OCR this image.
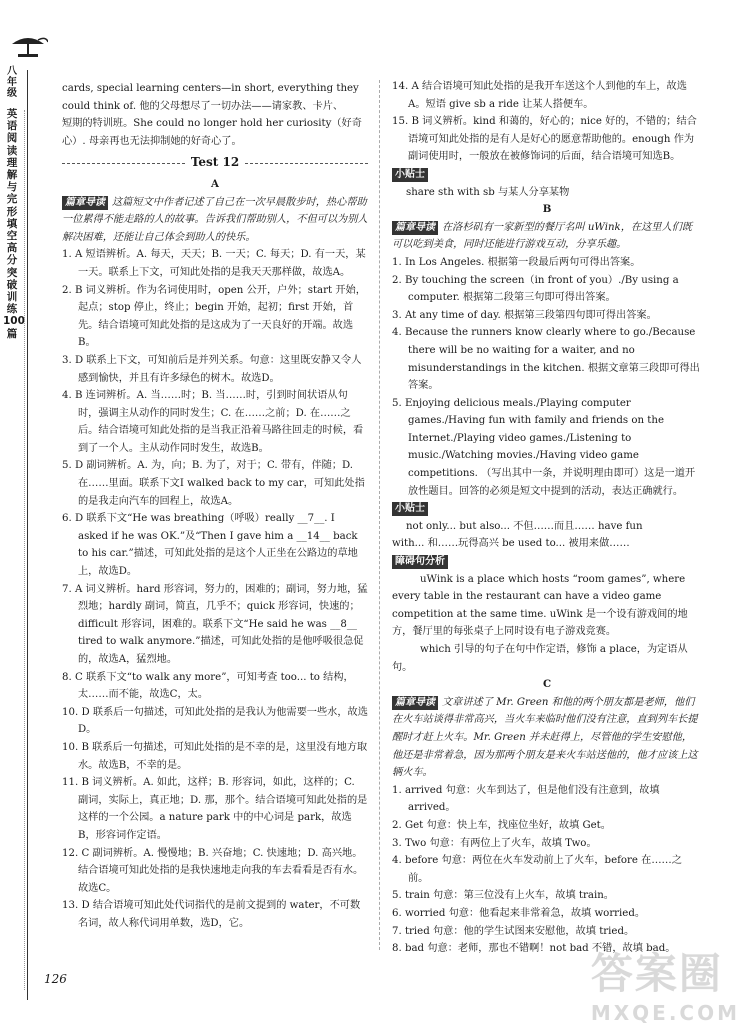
八年级
英语阅读理解与完形填空高分突破训练100篇

cards, special learning centers—in short, everything they

could think of. 他的父母想尽了一切办法——请家教、卡片、

短期的特训班。She could no longer hold her curiosity（好奇

心）. 母亲再也无法抑制她的好奇心了。

Test 12

A

篇章导读 这篇短文中作者记述了自己在一次早晨散步时，热心帮助一位累得不能走路的人的故事。告诉我们帮助别人，不但可以为别人解决困难，还能让自己体会到助人的快乐。

1. A 短语辨析。A. 每天，天天；B. 一天；C. 每天；D. 有一天，某一天。联系上下文，可知此处指的是我天天那样做，故选A。

2. B 词义辨析。作为名词使用时，open 公开，户外；start 开始，起点；stop 停止，终止；begin 开始，起初；first 开始，首先。结合语境可知此处指的是这成为了一天良好的开端。故选B。

3. D 联系上下文，可知前后是并列关系。句意：这里既安静又令人感到愉快，并且有许多绿色的树木。故选D。

4. B 连词辨析。A. 当……时；B. 当……时，引到时间状语从句时，强调主从动作的同时发生；C. 在……之前；D. 在……之后。结合语境可知此处指的是当我正沿着马路往回走的时候，看到了一个人。主从动作同时发生，故选B。

5. D 副词辨析。A. 为，向；B. 为了，对于；C. 带有，伴随；D. 在……里面。联系下文I walked back to my car，可知此处指的是我走向汽车的回程上，故选A。

6. D 联系下文“He was breathing（呼吸）really __7__. I asked if he was OK.”及“Then I gave him a __14__ back to his car.”描述，可知此处指的是这个人正坐在公路边的草地上，故选D。

7. A 词义辨析。hard 形容词，努力的，困难的；副词，努力地，猛烈地；hardly 副词，简直，几乎不；quick 形容词，快速的；difficult 形容词，困难的。联系下文“He said he was __8__ tired to walk anymore.”描述，可知此处指的是他呼吸很急促的，故选A，猛烈地。

8. C 联系下文“to walk any more”，可知考查 too... to 结构，太……而不能，故选C，太。

10. D 联系后一句描述，可知此处指的是我认为他需要一些水，故选D。

10. B 联系后一句描述，可知此处指的是不幸的是，这里没有地方取水。故选B，不幸的是。

11. B 词义辨析。A. 如此，这样；B. 形容词，如此，这样的；C. 副词，实际上，真正地；D. 那，那个。结合语境可知此处指的是这样的一个公园。a nature park 中的中心词是 park，故选B，形容词作定语。

12. C 副词辨析。A. 慢慢地；B. 兴奋地；C. 快速地；D. 高兴地。结合语境可知此处指的是我快速地走向我的车去看看是否有水。故选C。

13. D 结合语境可知此处代词指代的是前文提到的 water，不可数名词，故人称代词用单数，选D，它。

14. A 结合语境可知此处指的是我开车送这个人到他的车上，故选A。短语 give sb a ride 让某人搭便车。

15. B 词义辨析。kind 和蔼的，好心的；nice 好的，不错的；结合语境可知此处指的是有人是好心的愿意帮助他的。enough 作为副词使用时，一般放在被修饰词的后面，结合语境可知选B。

小贴士

share sth with sb 与某人分享某物

B

篇章导读 在洛杉矶有一家新型的餐厅名叫 uWink，在这里人们既可以吃到美食，同时还能进行游戏互动，分享乐趣。

1. In Los Angeles. 根据第一段最后两句可得出答案。

2. By touching the screen（in front of you）./By using a computer. 根据第二段第三句即可得出答案。

3. At any time of day. 根据第三段第四句即可得出答案。

4. Because the runners know clearly where to go./Because there will be no waiting for a waiter, and no misunderstandings in the kitchen. 根据文章第三段即可得出答案。

5. Enjoying delicious meals./Playing computer games./Having fun with family and friends on the Internet./Playing video games./Listening to music./Watching movies./Having video game competitions. （写出其中一条，并说明理由即可）这是一道开放性题目。回答的必须是短文中提到的活动，表达正确就行。

小贴士

not only... but also... 不但……而且…… have fun

with... 和……玩得高兴 be used to... 被用来做……

障碍句分析

uWink is a place which hosts “room games”, where every table in the restaurant can have a video game competition at the same time. uWink 是一个设有游戏间的地方，餐厅里的每张桌子上同时设有电子游戏竞赛。

which 引导的句子在句中作定语，修饰 a place，为定语从句。

C

篇章导读 文章讲述了 Mr. Green 和他的两个朋友都是老师，他们在火车站谈得非常高兴，当火车来临时他们没有注意，直到列车长提醒时才赶上火车。Mr. Green 并未赶得上，尽管他的学生安慰他，他还是非常着急，因为那两个朋友是来火车站送他的，他才应该上这辆火车。

1. arrived 句意：火车到达了，但是他们没有注意到，故填 arrived。

2. Get 句意：快上车，找座位坐好，故填 Get。

3. Two 句意：有两位上了火车，故填 Two。

4. before 句意：两位在火车发动前上了火车，before 在……之前。

5. train 句意：第三位没有上火车，故填 train。

6. worried 句意：他看起来非常着急，故填 worried。

7. tried 句意：他的学生试图来安慰他，故填 tried。

8. bad 句意：老师，那也不错啊！not bad 不错，故填 bad。

126	答案圈
MXQE.COM
